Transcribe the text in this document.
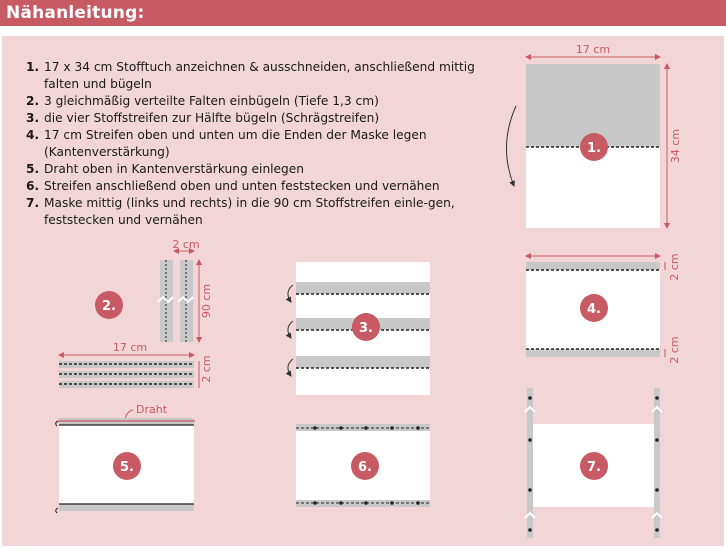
Nähanleitung:
1. 17 x 34 cm Stofftuch anzeichnen & ausschneiden, anschließend mittig falten und bügeln
2. 3 gleichmäßig verteilte Falten einbügeln (Tiefe 1,3 cm)
3. die vier Stoffstreifen zur Hälfte bügeln (Schrägstreifen)
4. 17 cm Streifen oben und unten um die Enden der Maske legen (Kantenverstärkung)
5. Draht oben in Kantenverstärkung einlegen
6. Streifen anschließend oben und unten feststecken und vernähen
7. Maske mittig (links und rechts) in die 90 cm Stoffstreifen einle-gen, feststecken und vernähen
17 cm
34 cm
1.
2 cm
90 cm
17 cm
2 cm
2.
3.
2 cm
2 cm
4.
Draht
5.	6.	7.
